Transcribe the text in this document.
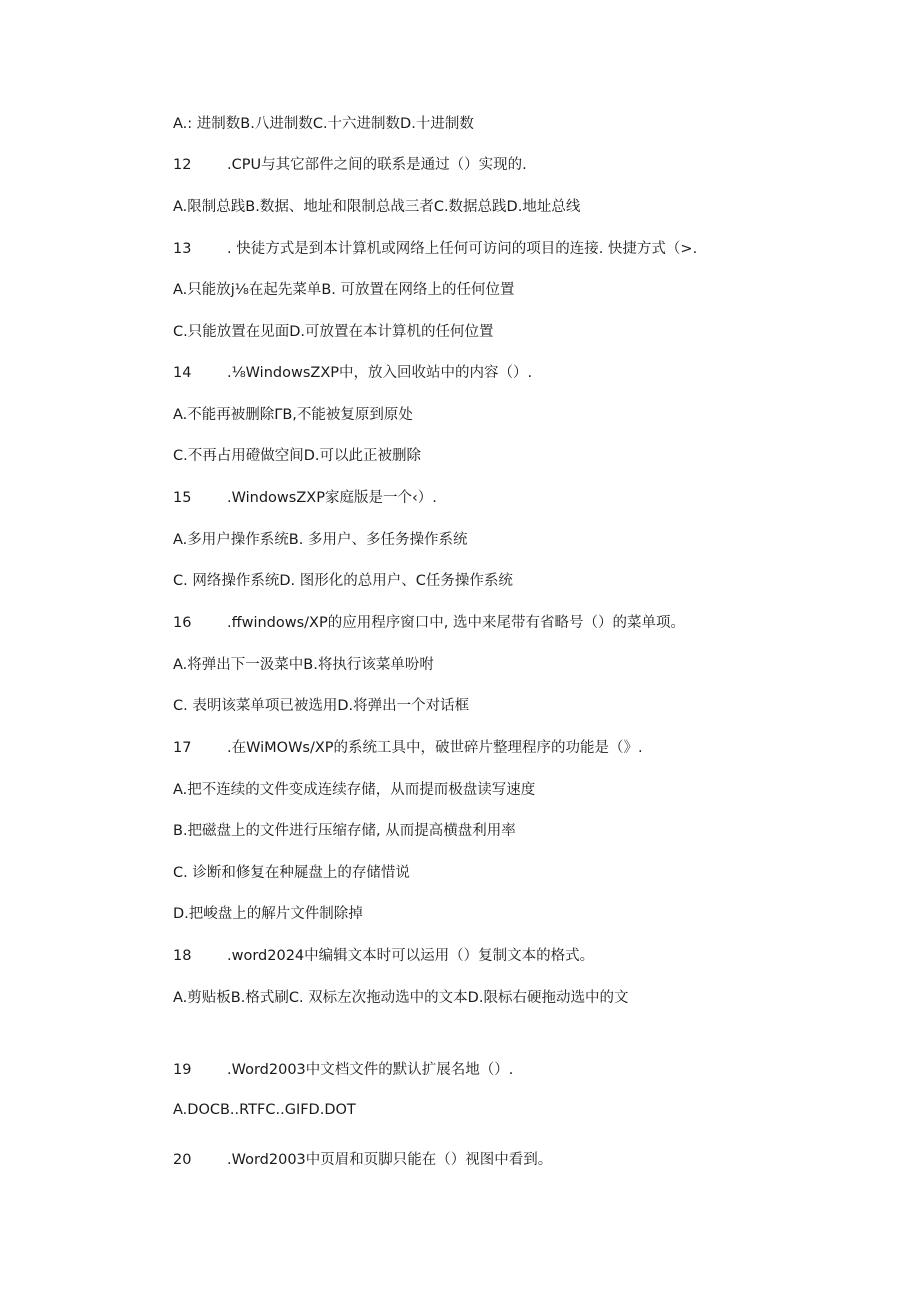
A.: 进制数B.八进制数C.十六进制数D.十进制数
12 .CPU与其它部件之间的联系是通过（）实现的.
A.限制总践B.数据、地址和限制总战三者C.数据总践D.地址总线
13 . 快徒方式是到本计算机或网络上任何可访问的项目的连接. 快捷方式（>.
A.只能放j⅛在起先菜单B. 可放置在网络上的任何位置
C.只能放置在见面D.可放置在本计算机的任何位置
14 .⅛WindowsZXP中，放入回收站中的内容（）.
A.不能再被删除ΓB,不能被复原到原处
C.不再占用磴做空间D.可以此正被删除
15 .WindowsZXP家庭版是一个‹）.
A.多用户操作系统B. 多用户、多任务操作系统
C. 网络操作系统D. 图形化的总用户、C任务操作系统
16 .ffwindows/XP的应用程序窗口中, 选中来尾带有省略号（）的菜单项。
A.将弹出下一汲菜中B.将执行该菜单吩咐
C. 表明该菜单项已被选用D.将弹出一个对话框
17 .在WiMOWs/XP的系统工具中，破世碎片整理程序的功能是（》.
A.把不连续的文件变成连续存储，从而提而极盘读写速度
B.把磁盘上的文件进行压缩存储, 从而提高横盘利用率
C. 诊断和修复在种屣盘上的存储惜说
D.把峻盘上的解片文件制除掉
18 .word2024中编辑文本时可以运用（）复制文本的格式。
A.剪贴板B.格式刷C. 双标左次拖动选中的文本D.限标右硬拖动选中的文
19 .Word2003中文档文件的默认扩展名地（）.
A.DOCB..RTFC..GIFD.DOT
20 .Word2003中页眉和页脚只能在（）视图中看到。
